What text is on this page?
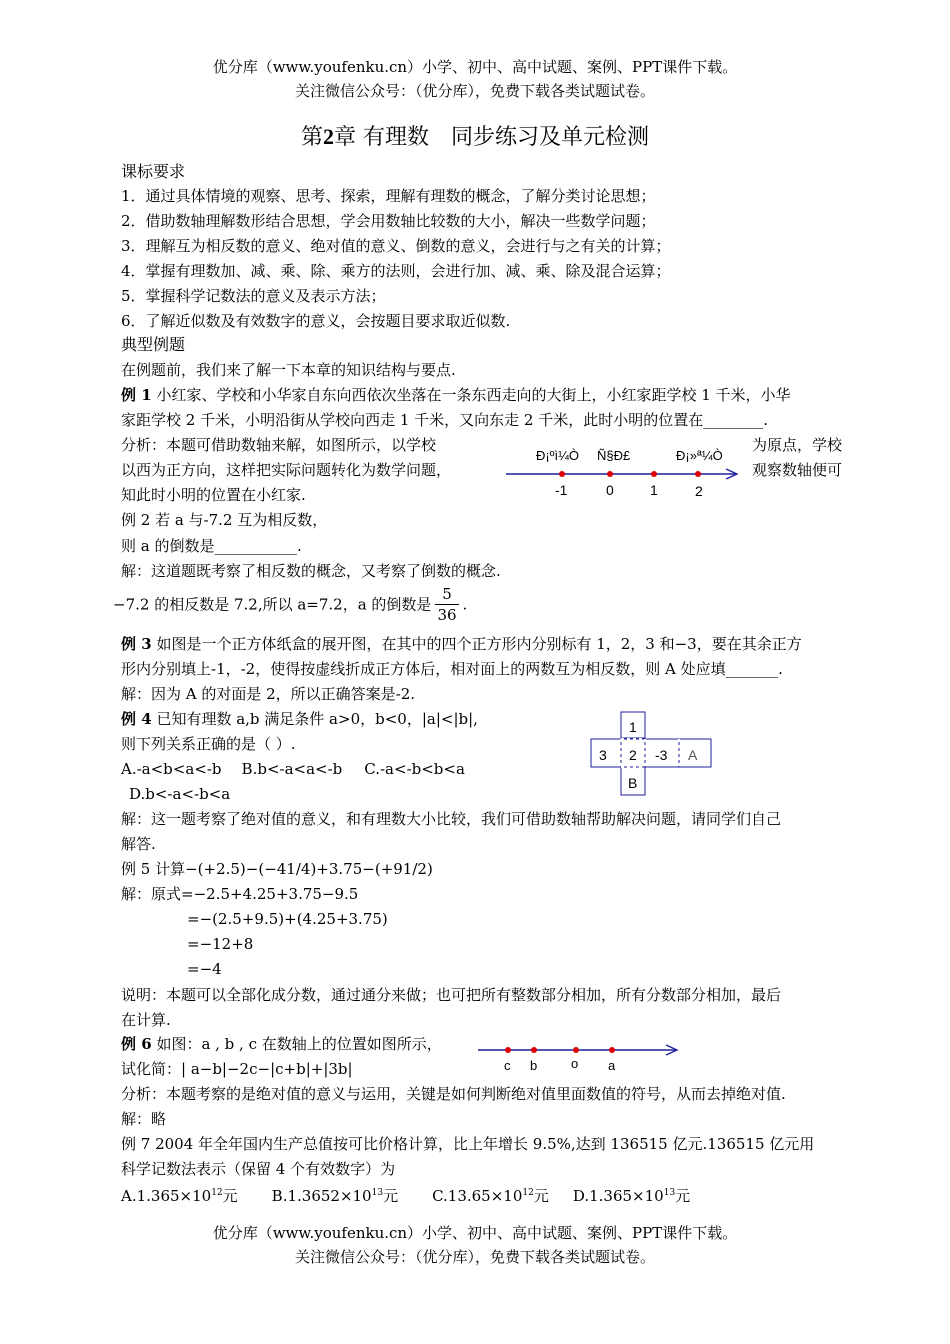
优分库（www.youfenku.cn）小学、初中、高中试题、案例、PPT课件下载。
关注微信公众号：（优分库），免费下载各类试题试卷。
第2章 有理数　同步练习及单元检测
课标要求
1．通过具体情境的观察、思考、探索，理解有理数的概念，了解分类讨论思想；
2．借助数轴理解数形结合思想，学会用数轴比较数的大小，解决一些数学问题；
3．理解互为相反数的意义、绝对值的意义、倒数的意义，会进行与之有关的计算；
4．掌握有理数加、减、乘、除、乘方的法则，会进行加、减、乘、除及混合运算；
5．掌握科学记数法的意义及表示方法；
6．了解近似数及有效数字的意义，会按题目要求取近似数.
典型例题
在例题前，我们来了解一下本章的知识结构与要点.
例 1 小红家、学校和小华家自东向西依次坐落在一条东西走向的大街上，小红家距学校 1 千米，小华
家距学校 2 千米，小明沿街从学校向西走 1 千米，又向东走 2 千米，此时小明的位置在________.
分析：本题可借助数轴来解，如图所示，以学校
以西为正方向，这样把实际问题转化为数学问题，
知此时小明的位置在小红家.
为原点，学校
观察数轴便可
Ð¡ºì¼Ò Ñ§Ð£	Ð¡»ª¼Ò
-1	0	1	2
例 2 若 a 与-7.2 互为相反数，
则 a 的倒数是___________.
解：这道题既考察了相反数的概念，又考察了倒数的概念.
−7.2 的相反数是 7.2,所以 a=7.2，a 的倒数是 $\frac{5}{36}$ .
例 3 如图是一个正方体纸盒的展开图，在其中的四个正方形内分别标有 1，2，3 和−3，要在其余正方
形内分别填上-1，-2，使得按虚线折成正方体后，相对面上的两数互为相反数，则 A 处应填_______.
解：因为 A 的对面是 2，所以正确答案是-2.
1
3 2 -3 A
B
例 4 已知有理数 a,b 满足条件 a>0，b<0，|a|<|b|,
则下列关系正确的是（ ）.
A.-a<b<a<-b B.b<-a<a<-b C.-a<-b<b<a
D.b<-a<-b<a
解：这一题考察了绝对值的意义，和有理数大小比较，我们可借助数轴帮助解决问题，请同学们自己
解答.
例 5 计算−(+2.5)−(−41/4)+3.75−(+91/2)
解：原式=−2.5+4.25+3.75−9.5
=−(2.5+9.5)+(4.25+3.75)
=−12+8
=−4
说明：本题可以全部化成分数，通过通分来做；也可把所有整数部分相加，所有分数部分相加，最后
在计算.
例 6 如图：a , b , c 在数轴上的位置如图所示，
试化简：| a−b|−2c−|c+b|+|3b|
分析：本题考察的是绝对值的意义与运用，关键是如何判断绝对值里面数值的符号，从而去掉绝对值.
解：略
c b	o a
例 7 2004 年全年国内生产总值按可比价格计算，比上年增长 9.5%,达到 136515 亿元.136515 亿元用
科学记数法表示（保留 4 个有效数字）为
$A.1.365\times 10^{12}$元 $B.1.3652\times 10^{13}$元 $C.13.65\times 10^{12}$元 $D.1.365\times 10^{13}$元
优分库（www.youfenku.cn）小学、初中、高中试题、案例、PPT课件下载。
关注微信公众号：（优分库），免费下载各类试题试卷。
